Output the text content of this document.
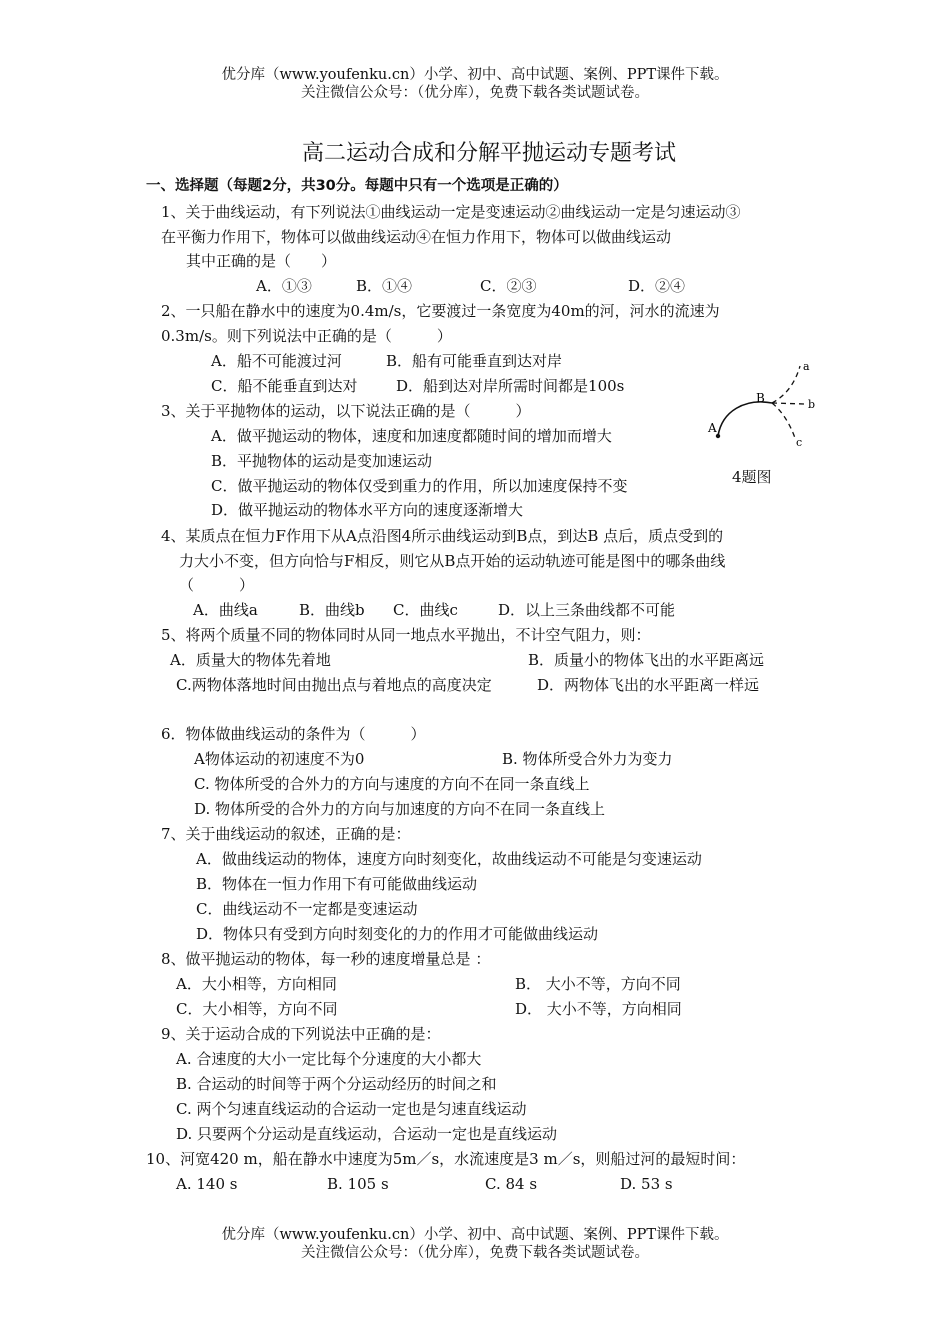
优分库（www.youfenku.cn）小学、初中、高中试题、案例、PPT课件下载。
关注微信公众号：（优分库），免费下载各类试题试卷。
高二运动合成和分解平抛运动专题考试
一、选择题（每题2分，共30分。每题中只有一个选项是正确的）
1、关于曲线运动，有下列说法①曲线运动一定是变速运动②曲线运动一定是匀速运动③
在平衡力作用下，物体可以做曲线运动④在恒力作用下，物体可以做曲线运动
其中正确的是（　　）
A．①③	B．①④	C．②③	D．②④
2、一只船在静水中的速度为0.4m/s，它要渡过一条宽度为40m的河，河水的流速为
0.3m/s。则下列说法中正确的是（　　　）
A．船不可能渡过河	B．船有可能垂直到达对岸
C．船不能垂直到达对	D．船到达对岸所需时间都是100s
A
B
a
b
c
4题图
3、关于平抛物体的运动，以下说法正确的是（　　　）
A．做平抛运动的物体，速度和加速度都随时间的增加而增大
B．平抛物体的运动是变加速运动
C．做平抛运动的物体仅受到重力的作用，所以加速度保持不变
D．做平抛运动的物体水平方向的速度逐渐增大
4、某质点在恒力F作用下从A点沿图4所示曲线运动到B点，到达B 点后，质点受到的
力大小不变，但方向恰与F相反，则它从B点开始的运动轨迹可能是图中的哪条曲线
（　　　）
A．曲线a	B．曲线b C．曲线c	D．以上三条曲线都不可能
5、将两个质量不同的物体同时从同一地点水平抛出，不计空气阻力，则：
A．质量大的物体先着地	B．质量小的物体飞出的水平距离远
C.两物体落地时间由抛出点与着地点的高度决定	D．两物体飞出的水平距离一样远
6．物体做曲线运动的条件为（　　　）
A物体运动的初速度不为0	B. 物体所受合外力为变力
C. 物体所受的合外力的方向与速度的方向不在同一条直线上
D. 物体所受的合外力的方向与加速度的方向不在同一条直线上
7、关于曲线运动的叙述，正确的是：
A．做曲线运动的物体，速度方向时刻变化，故曲线运动不可能是匀变速运动
B．物体在一恒力作用下有可能做曲线运动
C．曲线运动不一定都是变速运动
D．物体只有受到方向时刻变化的力的作用才可能做曲线运动
8、做平抛运动的物体，每一秒的速度增量总是 ：
A．大小相等，方向相同	B． 大小不等，方向不同
C．大小相等，方向不同	D． 大小不等，方向相同
9、关于运动合成的下列说法中正确的是：
A. 合速度的大小一定比每个分速度的大小都大
B. 合运动的时间等于两个分运动经历的时间之和
C. 两个匀速直线运动的合运动一定也是匀速直线运动
D. 只要两个分运动是直线运动，合运动一定也是直线运动
10、河宽420 m，船在静水中速度为5m／s，水流速度是3 m／s，则船过河的最短时间：
A. 140 s	B. 105 s	C. 84 s	D. 53 s
优分库（www.youfenku.cn）小学、初中、高中试题、案例、PPT课件下载。
关注微信公众号：（优分库），免费下载各类试题试卷。
